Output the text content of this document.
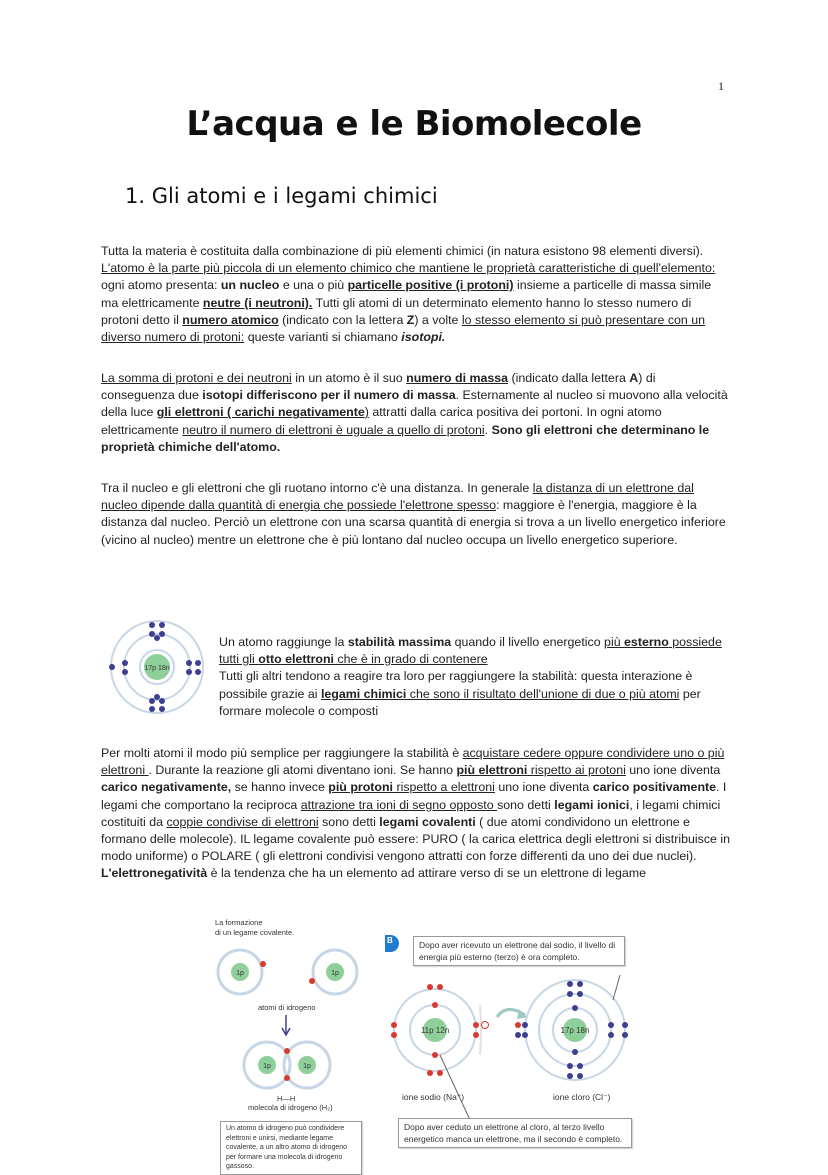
1
L’acqua e le Biomolecole
1. Gli atomi e i legami chimici
Tutta la materia è costituita dalla combinazione di più elementi chimici (in natura esistono 98 elementi diversi). L'atomo è la parte più piccola di un elemento chimico che mantiene le proprietà caratteristiche di quell'elemento: ogni atomo presenta: un nucleo e una o più particelle positive (i protoni) insieme a particelle di massa simile ma elettricamente neutre (i neutroni). Tutti gli atomi di un determinato elemento hanno lo stesso numero di protoni detto il numero atomico (indicato con la lettera Z) a volte lo stesso elemento si può presentare con un diverso numero di protoni: queste varianti si chiamano isotopi.
La somma di protoni e dei neutroni in un atomo è il suo numero di massa (indicato dalla lettera A) di conseguenza due isotopi differiscono per il numero di massa. Esternamente al nucleo si muovono alla velocità della luce gli elettroni ( carichi negativamente) attratti dalla carica positiva dei portoni. In ogni atomo elettricamente neutro il numero di elettroni è uguale a quello di protoni. Sono gli elettroni che determinano le proprietà chimiche dell'atomo.
Tra il nucleo e gli elettroni che gli ruotano intorno c'è una distanza. In generale la distanza di un elettrone dal nucleo dipende dalla quantità di energia che possiede l'elettrone spesso: maggiore è l'energia, maggiore è la distanza dal nucleo. Perciò un elettrone con una scarsa quantità di energia si trova a un livello energetico inferiore (vicino al nucleo) mentre un elettrone che è più lontano dal nucleo occupa un livello energetico superiore.
17p 18n
Un atomo raggiunge la stabilità massima quando il livello energetico più esterno possiede tutti gli otto elettroni che è in grado di contenere
Tutti gli altri tendono a reagire tra loro per raggiungere la stabilità: questa interazione è possibile grazie ai legami chimici che sono il risultato dell'unione di due o più atomi per formare molecole o composti
Per molti atomi il modo più semplice per raggiungere la stabilità è acquistare cedere oppure condividere uno o più elettroni . Durante la reazione gli atomi diventano ioni. Se hanno più elettroni rispetto ai protoni uno ione diventa carico negativamente, se hanno invece più protoni rispetto a elettroni uno ione diventa carico positivamente. I legami che comportano la reciproca attrazione tra ioni di segno opposto sono detti legami ionici, i legami chimici costituiti da coppie condivise di elettroni sono detti legami covalenti ( due atomi condividono un elettrone e formano delle molecole). IL legame covalente può essere: PURO ( la carica elettrica degli elettroni si distribuisce in modo uniforme) o POLARE ( gli elettroni condivisi vengono attratti con forze differenti da uno dei due nuclei). L'elettronegatività è la tendenza che ha un elemento ad attirare verso di se un elettrone di legame
La formazione
di un legame covalente.
1p	1p
atomi di idrogeno
1p	1p
H—H
molecola di idrogeno (H₂)
Un atomo di idrogeno può condividere elettroni e unirsi, mediante legame covalente, a un altro atomo di idrogeno per formare una molecola di idrogeno gassoso.
B	Dopo aver ricevuto un elettrone dal sodio, il livello di energia più esterno (terzo) è ora completo.
11p 12n	17p 18n
ione sodio (Na⁺)	ione cloro (Cl⁻)
Dopo aver ceduto un elettrone al cloro, al terzo livello energetico manca un elettrone, ma il secondo è completo.
